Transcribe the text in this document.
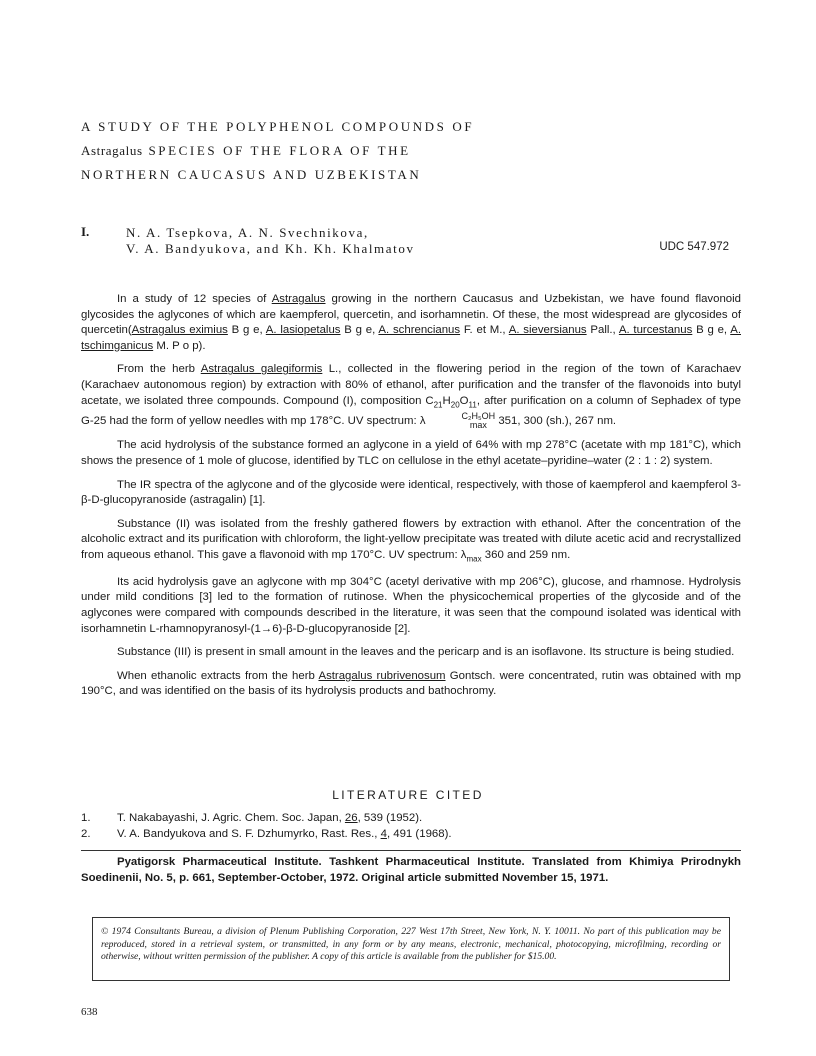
A STUDY OF THE POLYPHENOL COMPOUNDS OF
Astragalus SPECIES OF THE FLORA OF THE
NORTHERN CAUCASUS AND UZBEKISTAN
I.	N. A. Tsepkova, A. N. Svechnikova,
V. A. Bandyukova, and Kh. Kh. Khalmatov	UDC 547.972

In a study of 12 species of Astragalus growing in the northern Caucasus and Uzbekistan, we have found flavonoid glycosides the aglycones of which are kaempferol, quercetin, and isorhamnetin. Of these, the most widespread are glycosides of quercetin(Astragalus eximius B g e, A. lasiopetalus B g e, A. schrencianus F. et M., A. sieversianus Pall., A. turcestanus B g e, A. tschimganicus M. P o p).

From the herb Astragalus galegiformis L., collected in the flowering period in the region of the town of Karachaev (Karachaev autonomous region) by extraction with 80% of ethanol, after purification and the transfer of the flavonoids into butyl acetate, we isolated three compounds. Compound (I), composition $C_{21}H_{20}O_{11}$, after purification on a column of Sephadex of type G-25 had the form of yellow needles with mp 178°C. UV spectrum: λ	C₂H₅OH
max 351, 300 (sh.), 267 nm.

The acid hydrolysis of the substance formed an aglycone in a yield of 64% with mp 278°C (acetate with mp 181°C), which shows the presence of 1 mole of glucose, identified by TLC on cellulose in the ethyl acetate–pyridine–water (2 : 1 : 2) system.

The IR spectra of the aglycone and of the glycoside were identical, respectively, with those of kaempferol and kaempferol 3-β-D-glucopyranoside (astragalin) [1].

Substance (II) was isolated from the freshly gathered flowers by extraction with ethanol. After the concentration of the alcoholic extract and its purification with chloroform, the light-yellow precipitate was treated with dilute acetic acid and recrystallized from aqueous ethanol. This gave a flavonoid with mp 170°C. UV spectrum: $\lambda_{max}$ 360 and 259 nm.

Its acid hydrolysis gave an aglycone with mp 304°C (acetyl derivative with mp 206°C), glucose, and rhamnose. Hydrolysis under mild conditions [3] led to the formation of rutinose. When the physicochemical properties of the glycoside and of the aglycones were compared with compounds described in the literature, it was seen that the compound isolated was identical with isorhamnetin L-rhamnopyranosyl-(1→6)-β-D-glucopyranoside [2].

Substance (III) is present in small amount in the leaves and the pericarp and is an isoflavone. Its structure is being studied.

When ethanolic extracts from the herb Astragalus rubrivenosum Gontsch. were concentrated, rutin was obtained with mp 190°C, and was identified on the basis of its hydrolysis products and bathochromy.

LITERATURE CITED
1. T. Nakabayashi, J. Agric. Chem. Soc. Japan, 26, 539 (1952).
2. V. A. Bandyukova and S. F. Dzhumyrko, Rast. Res., 4, 491 (1968).
Pyatigorsk Pharmaceutical Institute. Tashkent Pharmaceutical Institute. Translated from Khimiya Prirodnykh Soedinenii, No. 5, p. 661, September-October, 1972. Original article submitted November 15, 1971.
© 1974 Consultants Bureau, a division of Plenum Publishing Corporation, 227 West 17th Street, New York, N. Y. 10011. No part of this publication may be reproduced, stored in a retrieval system, or transmitted, in any form or by any means, electronic, mechanical, photocopying, microfilming, recording or otherwise, without written permission of the publisher. A copy of this article is available from the publisher for $15.00.
638
